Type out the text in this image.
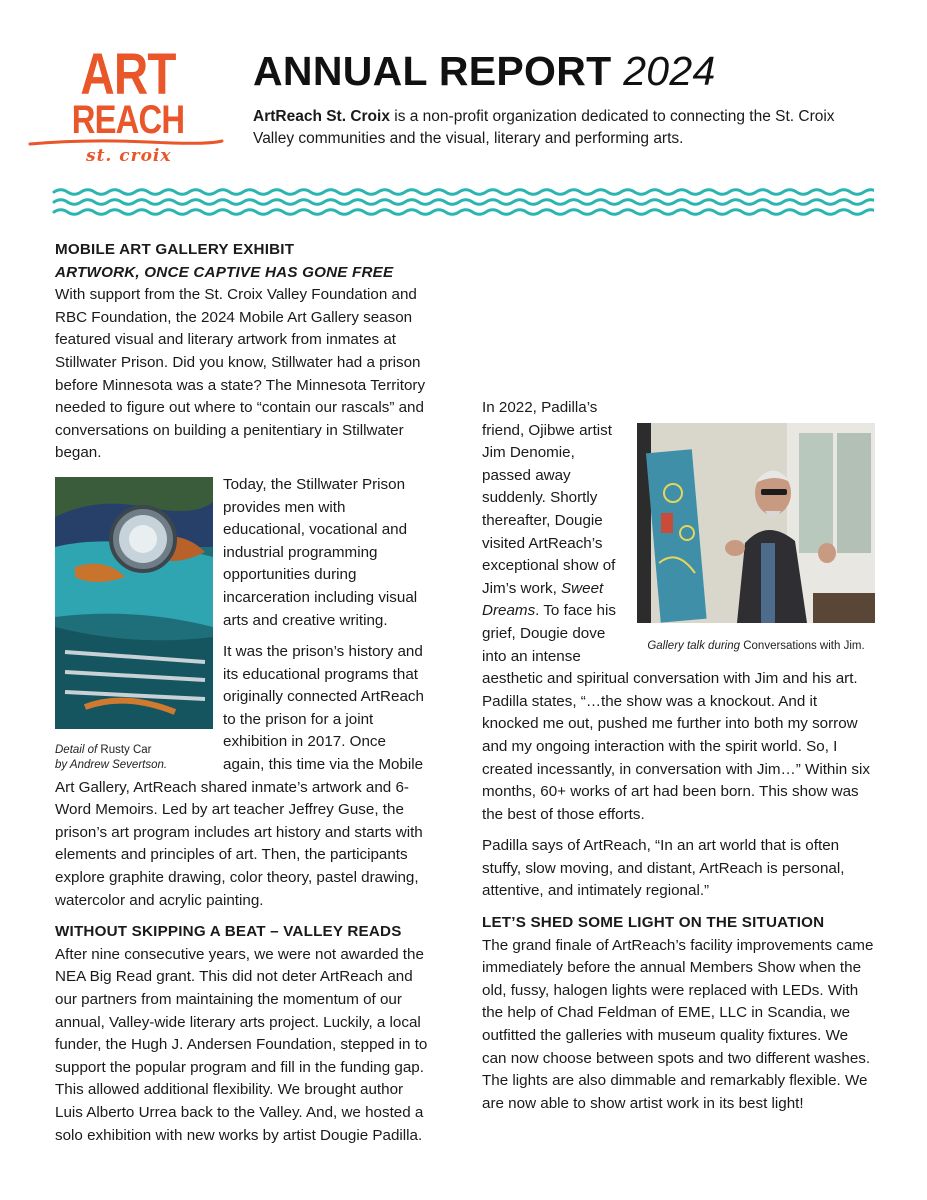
ART
REACH
st. croix
ANNUAL REPORT 2024

ArtReach St. Croix is a non-profit organization dedicated to connecting the St. Croix Valley communities and the visual, literary and performing arts.

MOBILE ART GALLERY EXHIBIT
ARTWORK, ONCE CAPTIVE HAS GONE FREE

With support from the St. Croix Valley Foundation and RBC Foundation, the 2024 Mobile Art Gallery season featured visual and literary artwork from inmates at Stillwater Prison. Did you know, Stillwater had a prison before Minnesota was a state? The Minnesota Territory needed to figure out where to “contain our rascals” and conversations on building a penitentiary in Stillwater began.

Detail of Rusty Car
by Andrew Severtson.

Today, the Stillwater Prison provides men with educational, vocational and industrial programming opportunities during incarceration including visual arts and creative writing.

It was the prison’s history and its educational programs that originally connected ArtReach to the prison for a joint exhibition in 2017. Once again, this time via the Mobile Art Gallery, ArtReach shared inmate’s artwork and 6-Word Memoirs. Led by art teacher Jeffrey Guse, the prison’s art program includes art history and starts with elements and principles of art. Then, the participants explore graphite drawing, color theory, pastel drawing, watercolor and acrylic painting.

WITHOUT SKIPPING A BEAT – VALLEY READS

After nine consecutive years, we were not awarded the NEA Big Read grant. This did not deter ArtReach and our partners from maintaining the momentum of our annual, Valley-wide literary arts project. Luckily, a local funder, the Hugh J. Andersen Foundation, stepped in to support the popular program and fill in the funding gap. This allowed additional flexibility. We brought author Luis Alberto Urrea back to the Valley. And, we hosted a solo exhibition with new works by artist Dougie Padilla.

Gallery talk during Conversations with Jim.

In 2022, Padilla’s friend, Ojibwe artist Jim Denomie, passed away suddenly. Shortly thereafter, Dougie visited ArtReach’s exceptional show of Jim’s work, Sweet Dreams. To face his grief, Dougie dove into an intense aesthetic and spiritual conversation with Jim and his art. Padilla states, “…the show was a knockout. And it knocked me out, pushed me further into both my sorrow and my ongoing interaction with the spirit world. So, I created incessantly, in conversation with Jim…” Within six months, 60+ works of art had been born. This show was the best of those efforts.

Padilla says of ArtReach, “In an art world that is often stuffy, slow moving, and distant, ArtReach is personal, attentive, and intimately regional.”

LET’S SHED SOME LIGHT ON THE SITUATION

The grand finale of ArtReach’s facility improvements came immediately before the annual Members Show when the old, fussy, halogen lights were replaced with LEDs. With the help of Chad Feldman of EME, LLC in Scandia, we outfitted the galleries with museum quality fixtures. We can now choose between spots and two different washes. The lights are also dimmable and remarkably flexible. We are now able to show artist work in its best light!
